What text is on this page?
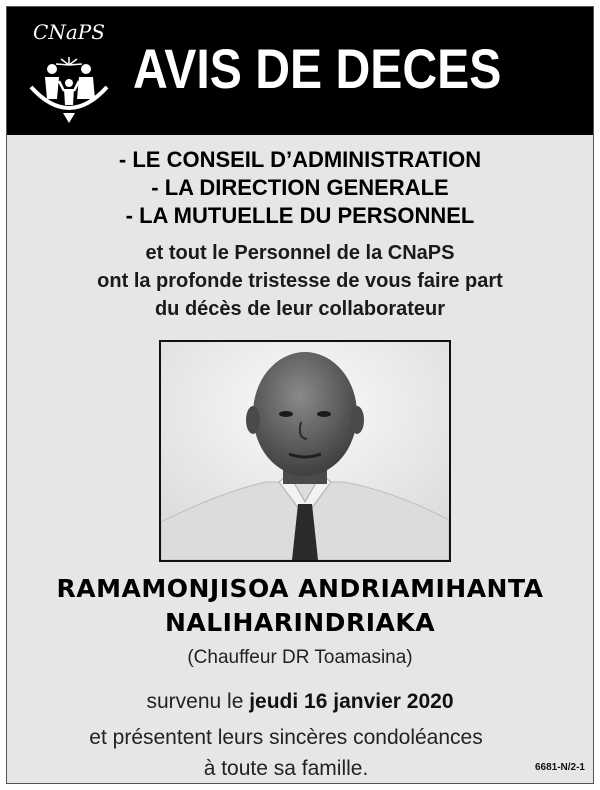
CNaPS
AVIS DE DECES
- LE CONSEIL D’ADMINISTRATION
- LA DIRECTION GENERALE
- LA MUTUELLE DU PERSONNEL
et tout le Personnel de la CNaPS
ont la profonde tristesse de vous faire part
du décès de leur collaborateur
RAMAMONJISOA ANDRIAMIHANTA
NALIHARINDRIAKA
(Chauffeur DR Toamasina)
survenu le jeudi 16 janvier 2020
et présentent leurs sincères condoléances
à toute sa famille.	6681-N/2-1
